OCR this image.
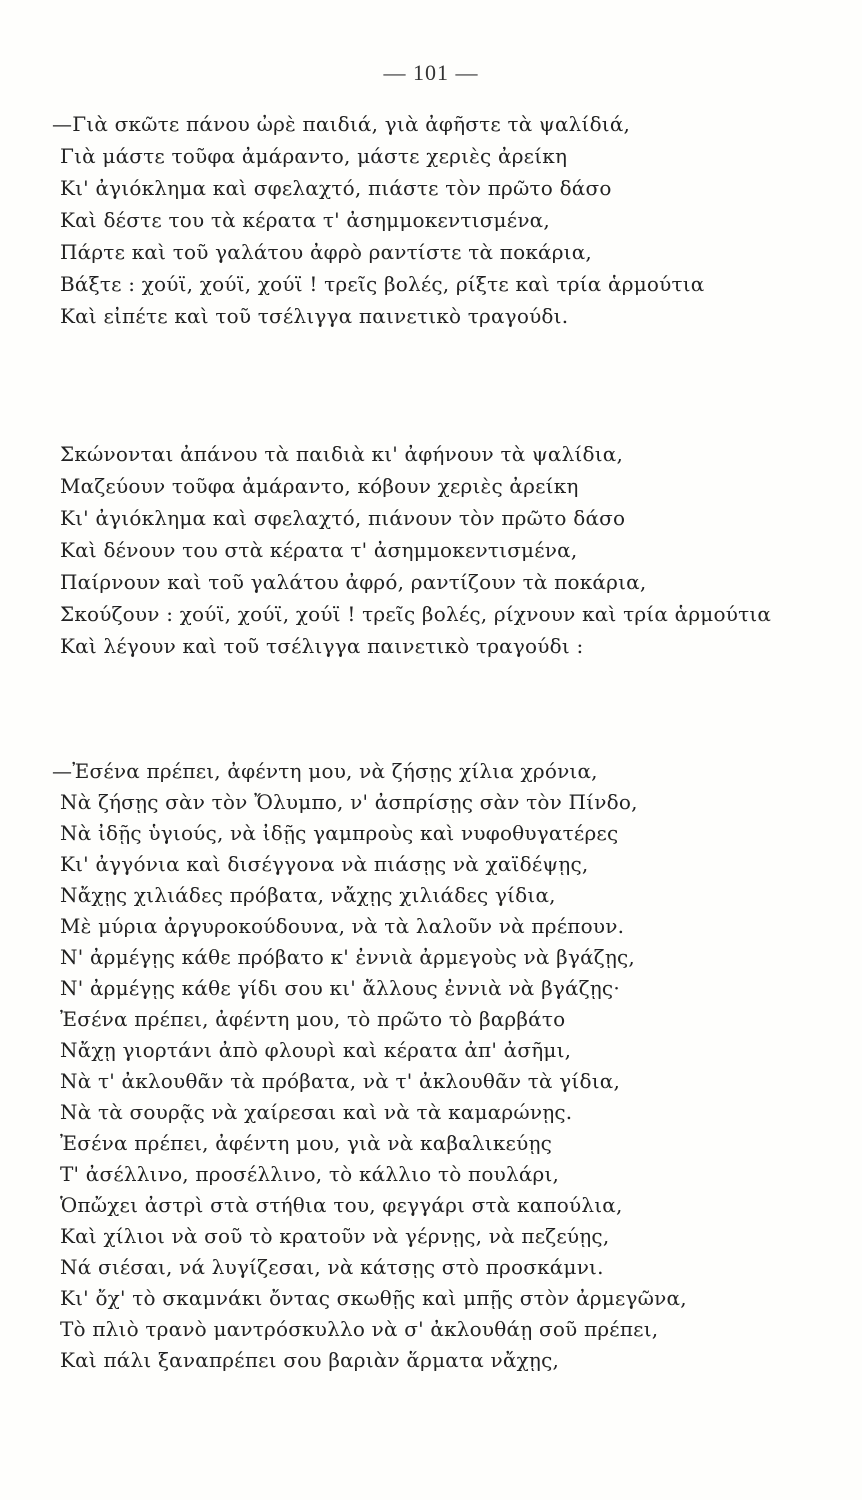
— 101 —
—Γιὰ σκῶτε πάνου ὠρὲ παιδιά, γιὰ ἀφῆστε τὰ ψαλίδιά,
Γιὰ μάστε τοῦφα ἀμάραντο, μάστε χεριὲς ἀρείκη
Κι' ἀγιόκλημα καὶ σφελαχτό, πιάστε τὸν πρῶτο δάσο
Καὶ δέστε του τὰ κέρατα τ' ἀσημμοκεντισμένα,
Πάρτε καὶ τοῦ γαλάτου ἀφρὸ ραντίστε τὰ ποκάρια,
Βάξτε : χούϊ, χούϊ, χούϊ ! τρεῖς βολές, ρίξτε καὶ τρία ἁρμούτια
Καὶ εἰπέτε καὶ τοῦ τσέλιγγα παινετικὸ τραγούδι.
Σκώνονται ἀπάνου τὰ παιδιὰ κι' ἀφήνουν τὰ ψαλίδια,
Μαζεύουν τοῦφα ἀμάραντο, κόβουν χεριὲς ἀρείκη
Κι' ἀγιόκλημα καὶ σφελαχτό, πιάνουν τὸν πρῶτο δάσο
Καὶ δένουν του στὰ κέρατα τ' ἀσημμοκεντισμένα,
Παίρνουν καὶ τοῦ γαλάτου ἀφρό, ραντίζουν τὰ ποκάρια,
Σκούζουν : χούϊ, χούϊ, χούϊ ! τρεῖς βολές, ρίχνουν καὶ τρία ἁρμούτια
Καὶ λέγουν καὶ τοῦ τσέλιγγα παινετικὸ τραγούδι :
—Ἐσένα πρέπει, ἀφέντη μου, νὰ ζήσῃς χίλια χρόνια,
Νὰ ζήσῃς σὰν τὸν Ὄλυμπο, ν' ἀσπρίσῃς σὰν τὸν Πίνδο,
Νὰ ἰδῇς ὑγιούς, νὰ ἰδῇς γαμπροὺς καὶ νυφοθυγατέρες
Κι' ἀγγόνια καὶ δισέγγονα νὰ πιάσῃς νὰ χαϊδέψῃς,
Νἄχῃς χιλιάδες πρόβατα, νἄχῃς χιλιάδες γίδια,
Μὲ μύρια ἀργυροκούδουνα, νὰ τὰ λαλοῦν νὰ πρέπουν.
Ν' ἀρμέγῃς κάθε πρόβατο κ' ἐννιὰ ἀρμεγοὺς νὰ βγάζῃς,
Ν' ἀρμέγῃς κάθε γίδι σου κι' ἄλλους ἐννιὰ νὰ βγάζῃς·
Ἐσένα πρέπει, ἀφέντη μου, τὸ πρῶτο τὸ βαρβάτο
Νἄχῃ γιορτάνι ἀπὸ φλουρὶ καὶ κέρατα ἀπ' ἀσῆμι,
Νὰ τ' ἀκλουθᾶν τὰ πρόβατα, νὰ τ' ἀκλουθᾶν τὰ γίδια,
Νὰ τὰ σουρᾷς νὰ χαίρεσαι καὶ νὰ τὰ καμαρώνῃς.
Ἐσένα πρέπει, ἀφέντη μου, γιὰ νὰ καβαλικεύῃς
Τ' ἀσέλλινο, προσέλλινο, τὸ κάλλιο τὸ πουλάρι,
Ὁπὤχει ἀστρὶ στὰ στήθια του, φεγγάρι στὰ καπούλια,
Καὶ χίλιοι νὰ σοῦ τὸ κρατοῦν νὰ γέρνῃς, νὰ πεζεύῃς,
Νά σιέσαι, νά λυγίζεσαι, νὰ κάτσῃς στὸ προσκάμνι.
Κι' ὄχ' τὸ σκαμνάκι ὄντας σκωθῇς καὶ μπῇς στὸν ἀρμεγῶνα,
Τὸ πλιὸ τρανὸ μαντρόσκυλλο νὰ σ' ἀκλουθάῃ σοῦ πρέπει,
Καὶ πάλι ξαναπρέπει σου βαριὰν ἅρματα νἄχῃς,
